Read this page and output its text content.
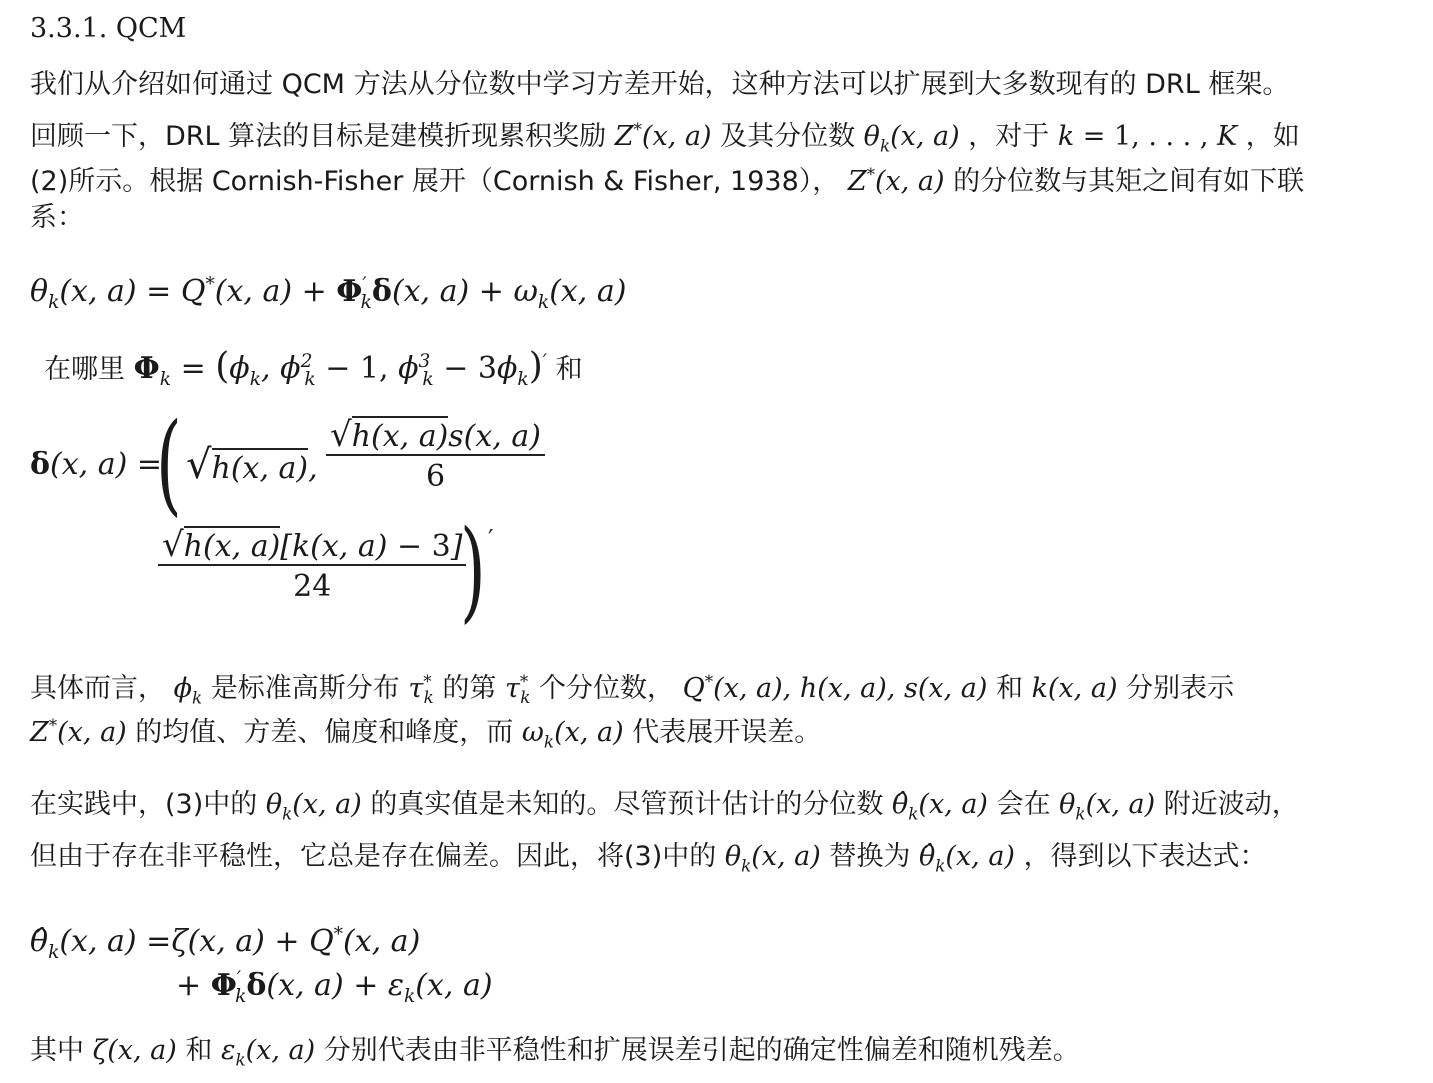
3.3.1. QCM
我们从介绍如何通过 QCM 方法从分位数中学习方差开始，这种方法可以扩展到大多数现有的 DRL 框架。
回顾一下，DRL 算法的目标是建模折现累积奖励 Z*(x, a) 及其分位数 $\theta_k(x$, a) ，对于 k = 1, . . . , K ，如
(2)所示。根据 Cornish-Fisher 展开（Cornish & Fisher, 1938）， Z*(x, a) 的分位数与其矩之间有如下联
系：
$\theta_k(x$, a) = Q*(x, $a) + \Phi'_k\delta(x$, $a) + \omega_k(x$, a)
在哪里 $\Phi_k = (\phi_k$, $\phi^2_k - 1$, $\phi^3_k - 3\phi_k)'$ 和
δ(x, a) =
( √h(x, a), $\frac{√h(x, a)s(x, a)}{6}$
$\frac{√h(x, a)[k(x, a) - 3]}{24}$
) ′
具体而言， $\phi_k$ 是标准高斯分布 $\tau^*_k$ 的第 $\tau^*_k$ 个分位数， Q*(x, a), h(x, a), s(x, a) 和 k(x, a) 分别表示
Z*(x, a) 的均值、方差、偏度和峰度，而 $\omega_k(x$, a) 代表展开误差。
在实践中，(3)中的 $\theta_k(x$, a) 的真实值是未知的。尽管预计估计的分位数 $\thetâ_k(x$, a) 会在 $\theta_k(x$, a) 附近波动，
但由于存在非平稳性，它总是存在偏差。因此，将(3)中的 $\theta_k(x$, a) 替换为 $\thetâ_k(x$, a) ，得到以下表达式：
$\thetâ_k(x$, a) =ζ(x, a) + Q*(x, a)
+ $\Phi'_k\delta(x$, $a) + \varepsilon_k(x$, a)
其中 ζ(x, a) 和 $\varepsilon_k(x$, a) 分别代表由非平稳性和扩展误差引起的确定性偏差和随机残差。
